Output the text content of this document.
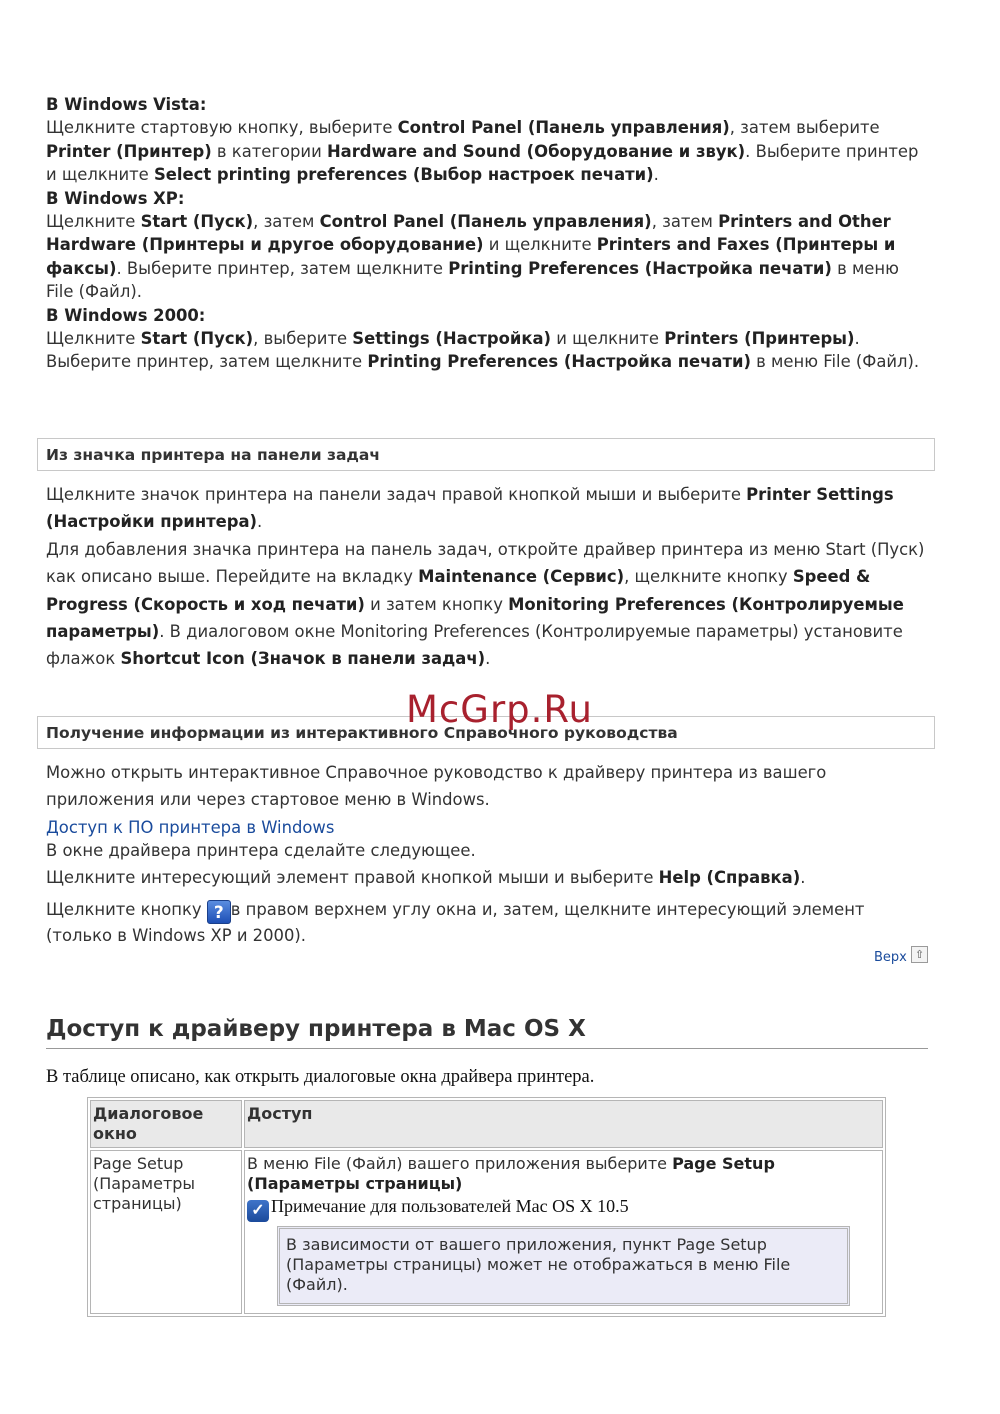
В Windows Vista:

Щелкните стартовую кнопку, выберите Control Panel (Панель управления), затем выберите Printer (Принтер) в категории Hardware and Sound (Оборудование и звук). Выберите принтер и щелкните Select printing preferences (Выбор настроек печати).

В Windows XP:

Щелкните Start (Пуск), затем Control Panel (Панель управления), затем Printers and Other Hardware (Принтеры и другое оборудование) и щелкните Printers and Faxes (Принтеры и факсы). Выберите принтер, затем щелкните Printing Preferences (Настройка печати) в меню File (Файл).

В Windows 2000:

Щелкните Start (Пуск), выберите Settings (Настройка) и щелкните Printers (Принтеры). Выберите принтер, затем щелкните Printing Preferences (Настройка печати) в меню File (Файл).

Щелкните значок принтера на панели задач правой кнопкой мыши и выберите Printer Settings (Настройки принтера).

Для добавления значка принтера на панель задач, откройте драйвер принтера из меню Start (Пуск) как описано выше. Перейдите на вкладку Maintenance (Сервис), щелкните кнопку Speed & Progress (Скорость и ход печати) и затем кнопку Monitoring Preferences (Контролируемые параметры). В диалоговом окне Monitoring Preferences (Контролируемые параметры) установите флажок Shortcut Icon (Значок в панели задач).

Можно открыть интерактивное Справочное руководство к драйверу принтера из вашего приложения или через стартовое меню в Windows.

Доступ к ПО принтера в Windows

В окне драйвера принтера сделайте следующее.

Щелкните интересующий элемент правой кнопкой мыши и выберите Help (Справка).

Щелкните кнопку ? в правом верхнем углу окна и, затем, щелкните интересующий элемент (только в Windows XP и 2000).

Из значка принтера на панели задач
Получение информации из интерактивного Справочного руководства
McGrp.Ru
Верх ⇧
Доступ к драйверу принтера в Mac OS X
В таблице описано, как открыть диалоговые окна драйвера принтера.
Диалоговое окно	Доступ
Page Setup (Параметры страницы)	В меню File (Файл) вашего приложения выберите Page Setup (Параметры страницы)
✓ Примечание для пользователей Mac OS X 10.5
В зависимости от вашего приложения, пункт Page Setup (Параметры страницы) может не отображаться в меню File (Файл).
